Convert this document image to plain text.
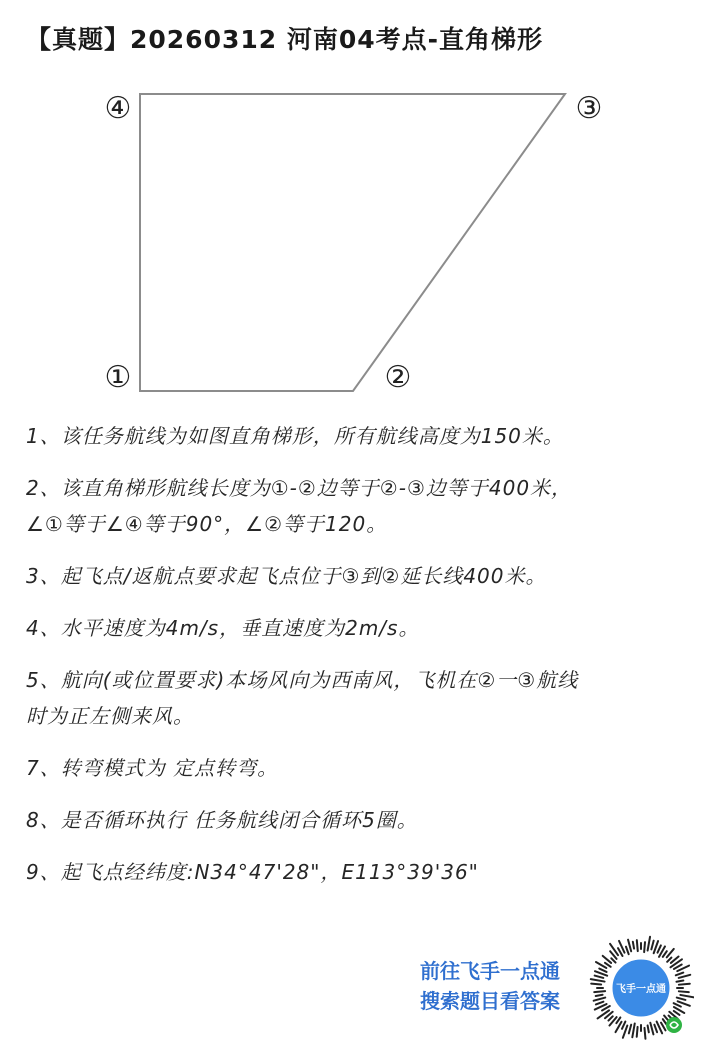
【真题】20260312 河南04考点-直角梯形
①	②
③
④
1、该任务航线为如图直角梯形，所有航线高度为150米。
2、该直角梯形航线长度为①-②边等于②-③边等于400米，
∠①等于∠④等于90°，∠②等于120。
3、起飞点/返航点要求起飞点位于③到②延长线400米。
4、水平速度为4m/s，垂直速度为2m/s。
5、航向(或位置要求)本场风向为西南风，飞机在②一③航线
时为正左侧来风。
7、转弯模式为 定点转弯。
8、是否循环执行 任务航线闭合循环5圈。
9、起飞点经纬度:N34°47'28"，E113°39'36"
前往飞手一点通
搜索题目看答案	飞手一点通
